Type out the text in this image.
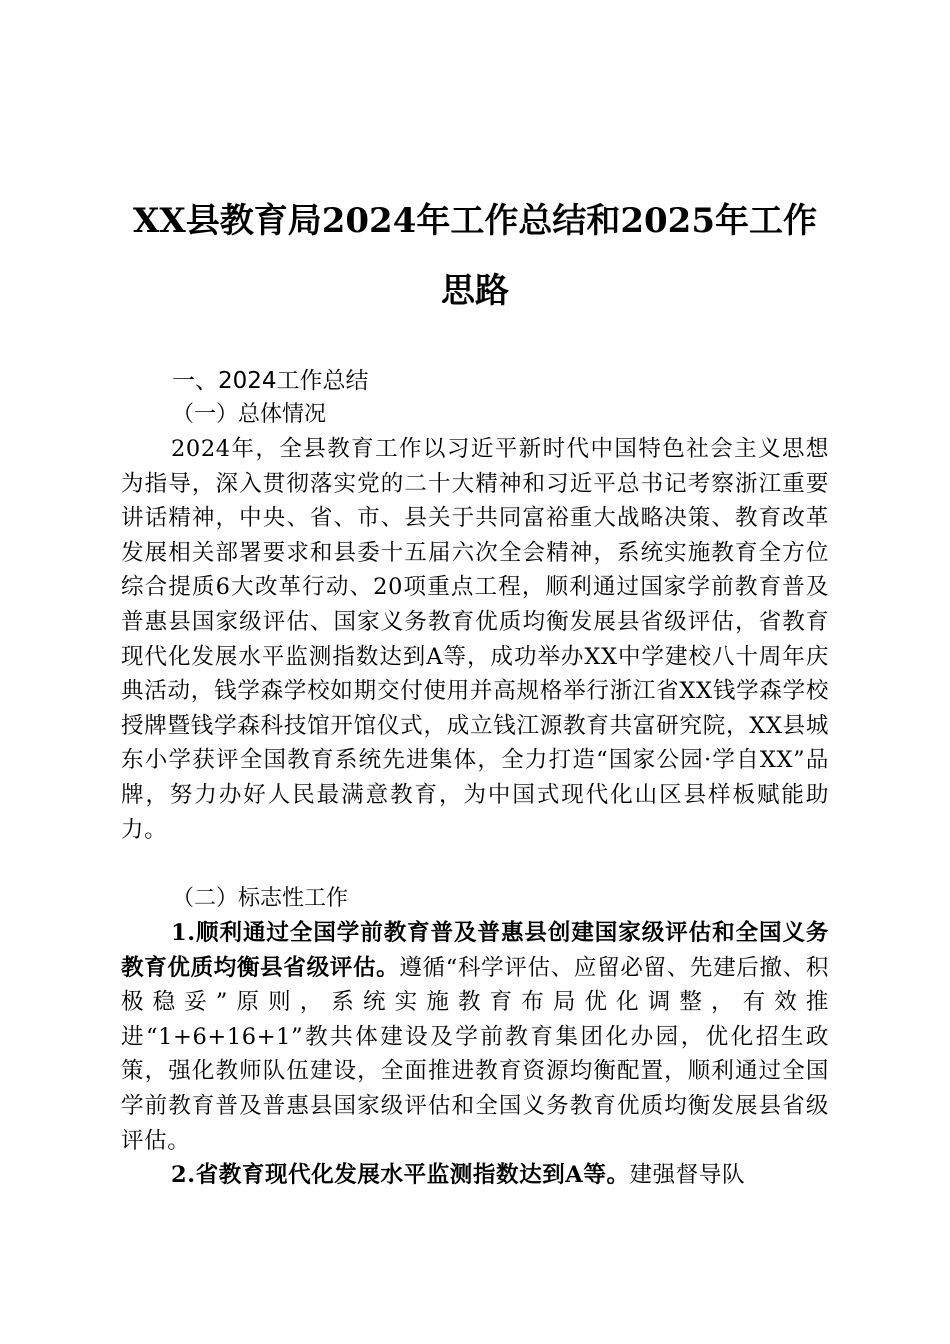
XX县教育局2024年工作总结和2025年工作思路
一、2024工作总结
（一）总体情况

2024年，全县教育工作以习近平新时代中国特色社会主义思想为指导，深入贯彻落实党的二十大精神和习近平总书记考察浙江重要讲话精神，中央、省、市、县关于共同富裕重大战略决策、教育改革发展相关部署要求和县委十五届六次全会精神，系统实施教育全方位综合提质6大改革行动、20项重点工程，顺利通过国家学前教育普及普惠县国家级评估、国家义务教育优质均衡发展县省级评估，省教育现代化发展水平监测指数达到A等，成功举办XX中学建校八十周年庆典活动，钱学森学校如期交付使用并高规格举行浙江省XX钱学森学校授牌暨钱学森科技馆开馆仪式，成立钱江源教育共富研究院，XX县城东小学获评全国教育系统先进集体，全力打造“国家公园·学自XX”品牌，努力办好人民最满意教育，为中国式现代化山区县样板赋能助力。

（二）标志性工作

1.顺利通过全国学前教育普及普惠县创建国家级评估和全国义务教育优质均衡县省级评估。遵循“科学评估、应留必留、先建后撤、积极稳妥”原则，系统实施教育布局优化调整，有效推进“1+6+16+1”教共体建设及学前教育集团化办园，优化招生政策，强化教师队伍建设，全面推进教育资源均衡配置，顺利通过全国学前教育普及普惠县国家级评估和全国义务教育优质均衡发展县省级评估。

2.省教育现代化发展水平监测指数达到A等。建强督导队
